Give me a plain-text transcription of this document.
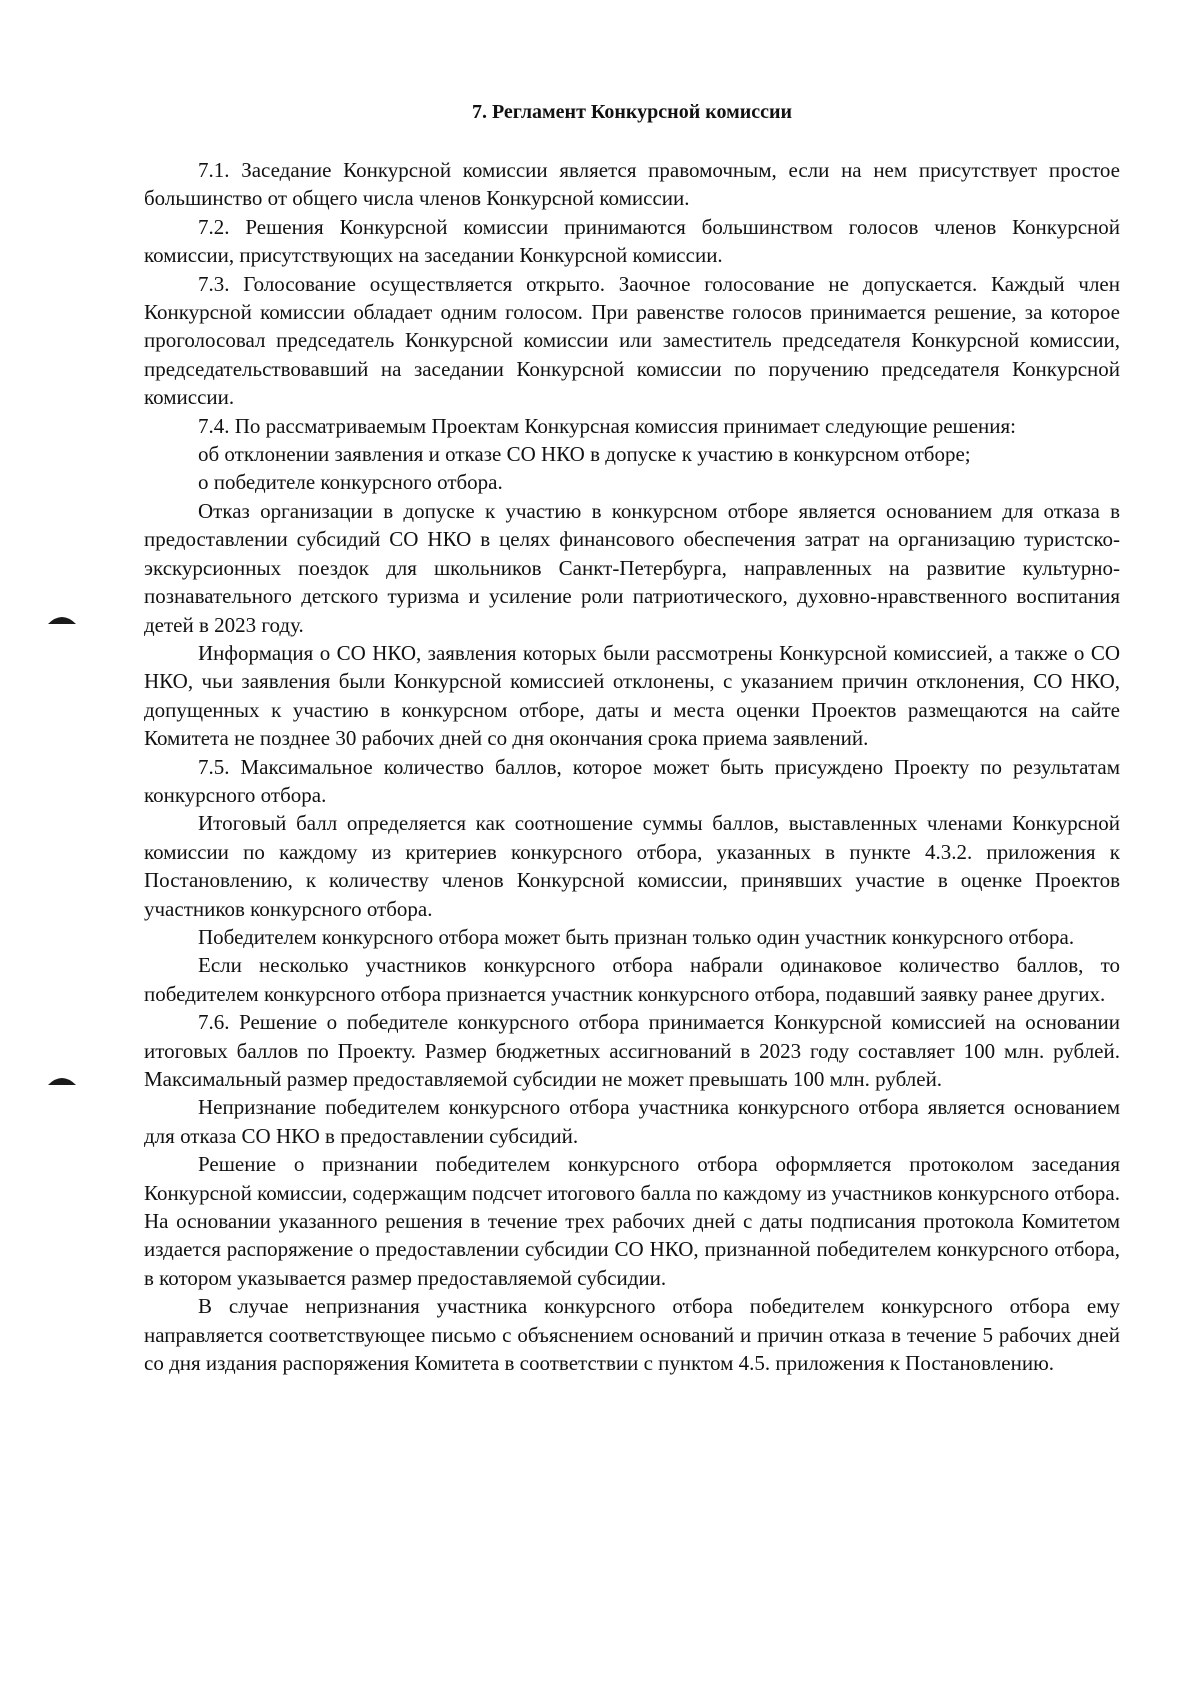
7. Регламент Конкурсной комиссии

7.1. Заседание Конкурсной комиссии является правомочным, если на нем присутствует простое большинство от общего числа членов Конкурсной комиссии.

7.2. Решения Конкурсной комиссии принимаются большинством голосов членов Конкурсной комиссии, присутствующих на заседании Конкурсной комиссии.

7.3. Голосование осуществляется открыто. Заочное голосование не допускается. Каждый член Конкурсной комиссии обладает одним голосом. При равенстве голосов принимается решение, за которое проголосовал председатель Конкурсной комиссии или заместитель председателя Конкурсной комиссии, председательствовавший на заседании Конкурсной комиссии по поручению председателя Конкурсной комиссии.

7.4. По рассматриваемым Проектам Конкурсная комиссия принимает следующие решения:

об отклонении заявления и отказе СО НКО в допуске к участию в конкурсном отборе;

о победителе конкурсного отбора.

Отказ организации в допуске к участию в конкурсном отборе является основанием для отказа в предоставлении субсидий СО НКО в целях финансового обеспечения затрат на организацию туристско-экскурсионных поездок для школьников Санкт-Петербурга, направленных на развитие культурно-познавательного детского туризма и усиление роли патриотического, духовно-нравственного воспитания детей в 2023 году.

Информация о СО НКО, заявления которых были рассмотрены Конкурсной комиссией, а также о СО НКО, чьи заявления были Конкурсной комиссией отклонены, с указанием причин отклонения, СО НКО, допущенных к участию в конкурсном отборе, даты и места оценки Проектов размещаются на сайте Комитета не позднее 30 рабочих дней со дня окончания срока приема заявлений.

7.5. Максимальное количество баллов, которое может быть присуждено Проекту по результатам конкурсного отбора.

Итоговый балл определяется как соотношение суммы баллов, выставленных членами Конкурсной комиссии по каждому из критериев конкурсного отбора, указанных в пункте 4.3.2. приложения к Постановлению, к количеству членов Конкурсной комиссии, принявших участие в оценке Проектов участников конкурсного отбора.

Победителем конкурсного отбора может быть признан только один участник конкурсного отбора.

Если несколько участников конкурсного отбора набрали одинаковое количество баллов, то победителем конкурсного отбора признается участник конкурсного отбора, подавший заявку ранее других.

7.6. Решение о победителе конкурсного отбора принимается Конкурсной комиссией на основании итоговых баллов по Проекту. Размер бюджетных ассигнований в 2023 году составляет 100 млн. рублей. Максимальный размер предоставляемой субсидии не может превышать 100 млн. рублей.

Непризнание победителем конкурсного отбора участника конкурсного отбора является основанием для отказа СО НКО в предоставлении субсидий.

Решение о признании победителем конкурсного отбора оформляется протоколом заседания Конкурсной комиссии, содержащим подсчет итогового балла по каждому из участников конкурсного отбора. На основании указанного решения в течение трех рабочих дней с даты подписания протокола Комитетом издается распоряжение о предоставлении субсидии СО НКО, признанной победителем конкурсного отбора, в котором указывается размер предоставляемой субсидии.

В случае непризнания участника конкурсного отбора победителем конкурсного отбора ему направляется соответствующее письмо с объяснением оснований и причин отказа в течение 5 рабочих дней со дня издания распоряжения Комитета в соответствии с пунктом 4.5. приложения к Постановлению.
